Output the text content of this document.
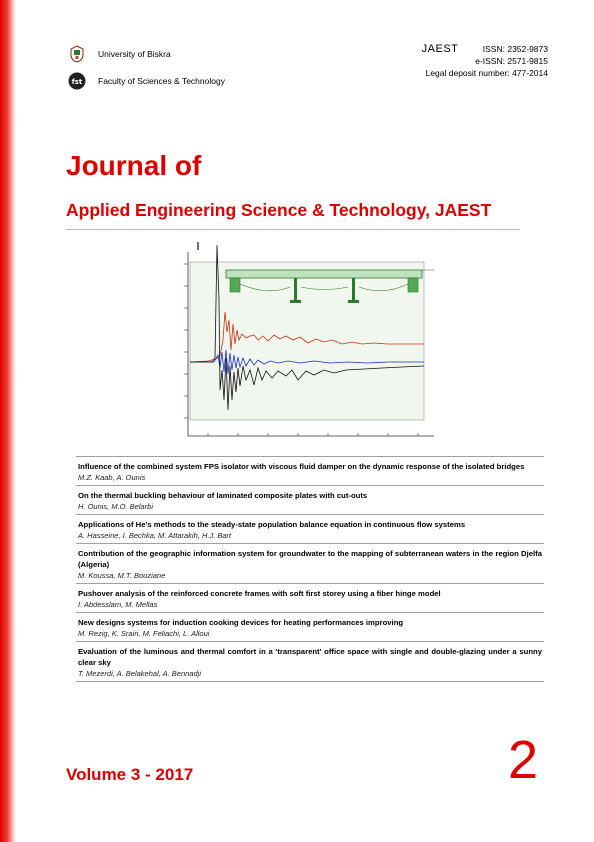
University of Biskra
fst Faculty of Sciences & Technology
JAEST	ISSN: 2352-9873
e-ISSN: 2571-9815
Legal deposit number: 477-2014
Journal of
Applied Engineering Science & Technology, JAEST
Influence of the combined system FPS isolator with viscous fluid damper on the dynamic response of the isolated bridges
M.Z. Kaab, A. Ounis
On the thermal buckling behaviour of laminated composite plates with cut-outs
H. Ounis, M.O. Belarbi
Applications of He’s methods to the steady-state population balance equation in continuous flow systems
A. Hasseine, I. Bechka, M. Attarakih, H.J. Bart
Contribution of the geographic information system for groundwater to the mapping of subterranean waters in the region Djelfa (Algeria)
M. Koussa, M.T. Bouziane
Pushover analysis of the reinforced concrete frames with soft first storey using a fiber hinge model
I. Abdesslam, M. Mellas
New designs systems for induction cooking devices for heating performances improving
M. Rezig, K. Srairi, M. Feliachi, L. Alloui
Evaluation of the luminous and thermal comfort in a 'transparent' office space with single and double-glazing under a sunny clear sky
T. Mezerdi, A. Belakehal, A. Bennadji
Volume 3 - 2017	2
